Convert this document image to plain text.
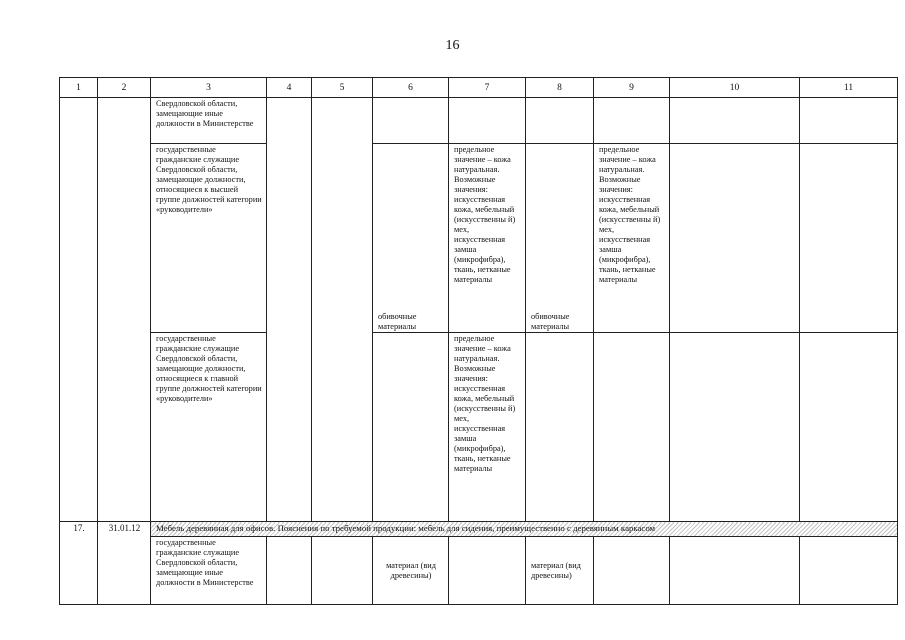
16
1	2	3	4	5	6	7	8	9	10	11
		Свердловской области, замещающие иные должности в Министерстве								
		государственные гражданские служащие Свердловской области, замещающие должности, относящиеся к высшей группе должностей категории «руководители»			обивочные материалы	предельное значение – кожа натуральная. Возможные значения: искусственная кожа, мебельный (искусственны й) мех, искусственная замша (микрофибра), ткань, нетканые материалы	обивочные материалы	предельное значение – кожа натуральная. Возможные значения: искусственная кожа, мебельный (искусственны й) мех, искусственная замша (микрофибра), ткань, нетканые материалы		
		государственные гражданские служащие Свердловской области, замещающие должности, относящиеся к главной группе должностей категории «руководители»				предельное значение – кожа натуральная. Возможные значения: искусственная кожа, мебельный (искусственны й) мех, искусственная замша (микрофибра), ткань, нетканые материалы				
17.	31.01.12	Мебель деревянная для офисов. Пояснения по требуемой продукции: мебель для сидения, преимущественно с деревянным каркасом								
		государственные гражданские служащие Свердловской области, замещающие иные должности в Министерстве			материал (вид древесины)		материал (вид древесины)			
